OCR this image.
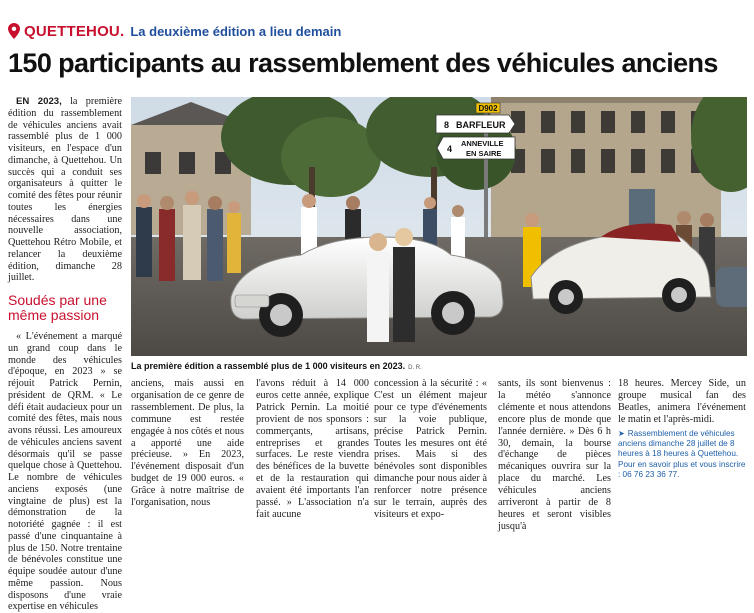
QUETTEHOU. La deuxième édition a lieu demain
150 participants au rassemblement des véhicules anciens

EN 2023, la première édition du rassemblement de véhicules anciens avait rassemblé plus de 1 000 visiteurs, en l'espace d'un dimanche, à Quettehou. Un succès qui a conduit ses organisateurs à quitter le comité des fêtes pour réunir toutes les énergies nécessaires dans une nouvelle association, Quettehou Rétro Mobile, et relancer la deuxième édition, dimanche 28 juillet.

Soudés par une même passion

« L'événement a marqué un grand coup dans le monde des véhicules d'époque, en 2023 » se réjouit Patrick Pernin, président de QRM. « Le défi était audacieux pour un comité des fêtes, mais nous avons réussi. Les amoureux de véhicules anciens savent désormais qu'il se passe quelque chose à Quettehou. Le nombre de véhicules anciens exposés (une vingtaine de plus) est la démonstration de la notoriété gagnée : il est passé d'une cinquantaine à plus de 150. Notre trentaine de bénévoles constitue une équipe soudée autour d'une même passion. Nous disposons d'une vraie expertise en véhicules

D902
8 BARFLEUR
4
ANNEVILLE
EN SAIRE
La première édition a rassemblé plus de 1 000 visiteurs en 2023. D. R.

anciens, mais aussi en organisation de ce genre de rassemblement. De plus, la commune est restée engagée à nos côtés et nous a apporté une aide précieuse. » En 2023, l'événement disposait d'un budget de 19 000 euros. « Grâce à notre maîtrise de l'organisation, nous

l'avons réduit à 14 000 euros cette année, explique Patrick Pernin. La moitié provient de nos sponsors : commerçants, artisans, entreprises et grandes surfaces. Le reste viendra des bénéfices de la buvette et de la restauration qui avaient été importants l'an passé. » L'association n'a fait aucune

concession à la sécurité : « C'est un élément majeur pour ce type d'événements sur la voie publique, précise Patrick Pernin. Toutes les mesures ont été prises. Mais si des bénévoles sont disponibles dimanche pour nous aider à renforcer notre présence sur le terrain, auprès des visiteurs et expo-

sants, ils sont bienvenus : la météo s'annonce clémente et nous attendons encore plus de monde que l'année dernière. » Dès 6 h 30, demain, la bourse d'échange de pièces mécaniques ouvrira sur la place du marché. Les véhicules anciens arriveront à partir de 8 heures et seront visibles jusqu'à

18 heures. Mercey Side, un groupe musical fan des Beatles, animera l'événement le matin et l'après-midi.

➤ Rassemblement de véhicules anciens dimanche 28 juillet de 8 heures à 18 heures à Quettehou. Pour en savoir plus et vous inscrire : 06 76 23 36 77.
